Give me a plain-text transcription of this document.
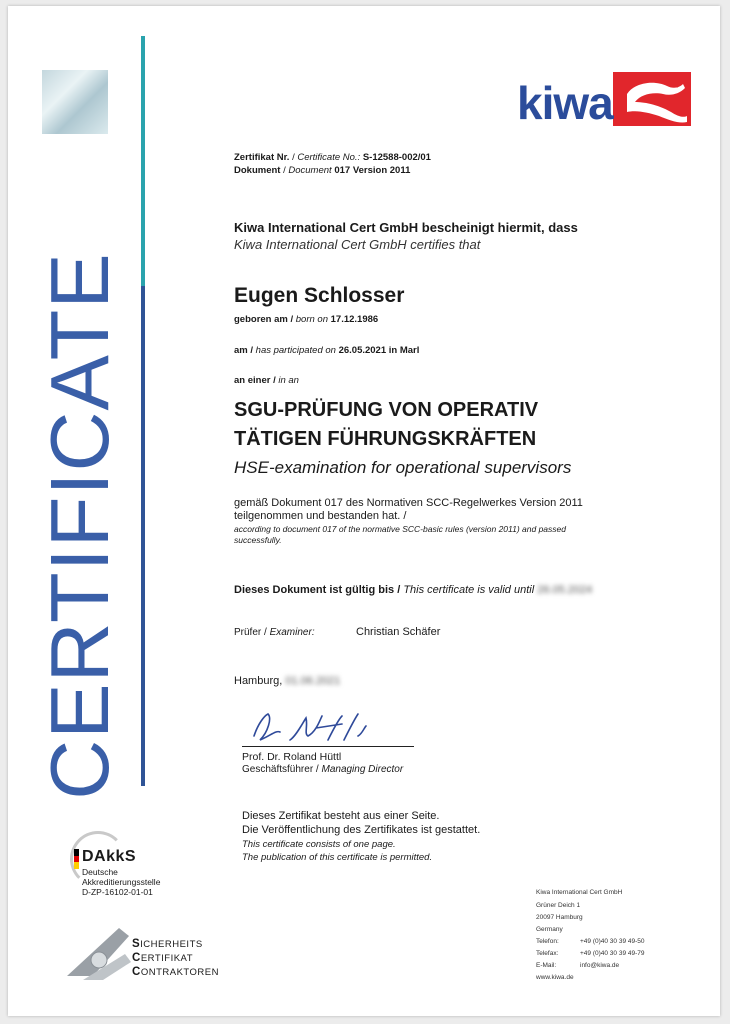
CERTIFICATE
kiwa
Zertifikat Nr. / Certificate No.: S-12588-002/01
Dokument / Document 017 Version 2011
Kiwa International Cert GmbH bescheinigt hiermit, dass
Kiwa International Cert GmbH certifies that
Eugen Schlosser
geboren am / born on 17.12.1986
am / has participated on 26.05.2021 in Marl
an einer / in an
SGU-PRÜFUNG VON OPERATIV
TÄTIGEN FÜHRUNGSKRÄFTEN
HSE-examination for operational supervisors
gemäß Dokument 017 des Normativen SCC-Regelwerkes Version 2011
teilgenommen und bestanden hat. /
according to document 017 of the normative SCC-basic rules (version 2011) and passed
successfully.
Dieses Dokument ist gültig bis / This certificate is valid until 26.05.2024
Prüfer / Examiner:	Christian Schäfer
Hamburg, 01.06.2021
Prof. Dr. Roland Hüttl
Geschäftsführer / Managing Director
Dieses Zertifikat besteht aus einer Seite.
Die Veröffentlichung des Zertifikates ist gestattet.
This certificate consists of one page.
The publication of this certificate is permitted.
DAkkS
Deutsche
Akkreditierungsstelle
D-ZP-16102-01-01
SICHERHEITS
CERTIFIKAT
CONTRAKTOREN
Kiwa International Cert GmbH
Grüner Deich 1
20097 Hamburg
Germany
Telefon:	+49 (0)40 30 39 49-50
Telefax:	+49 (0)40 30 39 49-79
E-Mail:	info@kiwa.de
www.kiwa.de
